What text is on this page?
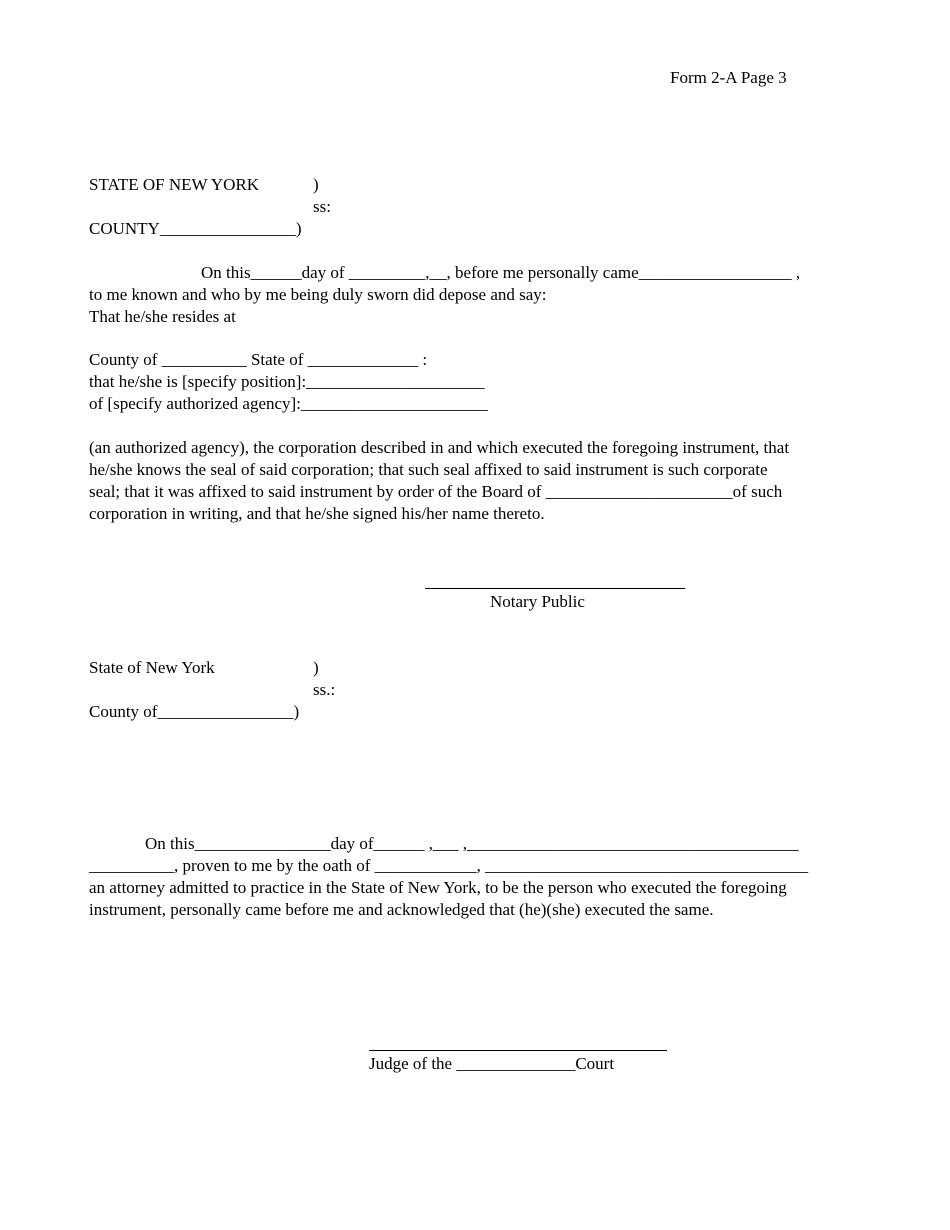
Form 2-A Page 3

STATE OF NEW YORK	)

ss:

COUNTY________________)

On this______day of _________,__, before me personally came__________________ ,

to me known and who by me being duly sworn did depose and say:

That he/she resides at

County of __________ State of _____________ :

that he/she is [specify position]:_____________________

of [specify authorized agency]:______________________

(an authorized agency), the corporation described in and which executed the foregoing instrument, that

he/she knows the seal of said corporation; that such seal affixed to said instrument is such corporate

seal; that it was affixed to said instrument by order of the Board of ______________________of such

corporation in writing, and that he/she signed his/her name thereto.

Notary Public

State of New York	)

ss.:

County of________________)

On this________________day of______ ,___ ,_______________________________________

__________, proven to me by the oath of ____________, ______________________________________

an attorney admitted to practice in the State of New York, to be the person who executed the foregoing

instrument, personally came before me and acknowledged that (he)(she) executed the same.

Judge of the ______________Court
